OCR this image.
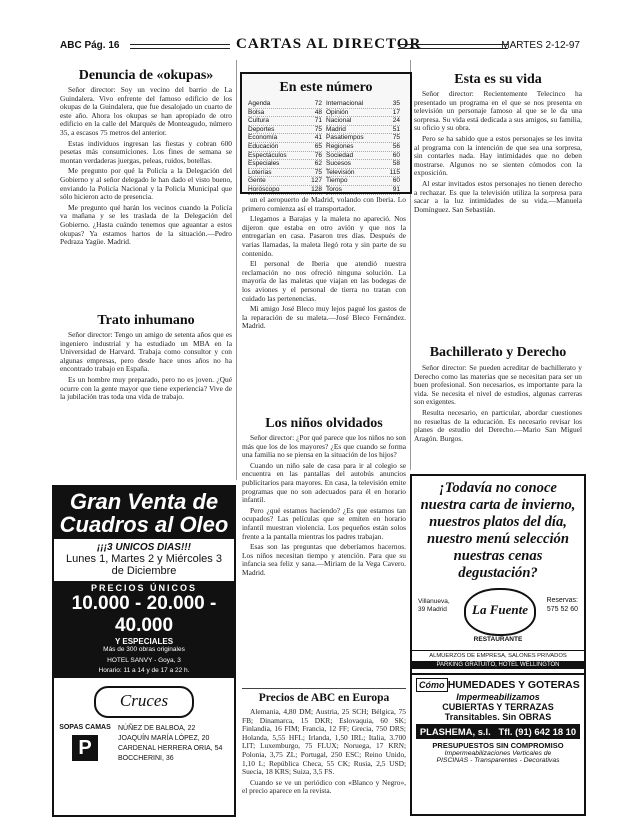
ABC Pág. 16	CARTAS AL DIRECTOR	MARTES 2-12-97
Denuncia de «okupas»

Señor director: Soy un vecino del barrio de La Guindalera. Vivo enfrente del famoso edificio de los okupas de la Guindalera, que fue desalojado un cuarto de este año. Ahora los okupas se han apropiado de otro edificio en la calle del Marqués de Monteagudo, número 35, a escasos 75 metros del anterior.

Estas individuos ingresan las fiestas y cobran 600 pesetas más consumiciones. Los fines de semana se montan verdaderas juergas, peleas, ruidos, botellas.

Me pregunto por qué la Policía a la Delegación del Gobierno y al señor delegado le han dado el visto bueno, enviando la Policía Nacional y la Policía Municipal que sólo hicieron acto de presencia.

Me pregunto qué harán los vecinos cuando la Policía va mañana y se les traslada de la Delegación del Gobierno. ¿Hasta cuándo tenemos que aguantar a estos okupas? Ya estamos hartos de la situación.—Pedro Pedraza Yagüe. Madrid.

Trato inhumano

Señor director: Tengo un amigo de setenta años que es ingeniero industrial y ha estudiado un MBA en la Universidad de Harvard. Trabaja como consultor y con algunas empresas, pero desde hace unos años no ha encontrado trabajo en España.

Es un hombre muy preparado, pero no es joven. ¿Qué ocurre con la gente mayor que tiene experiencia? Vive de la jubilación tras toda una vida de trabajo.

En este número
Agenda	72
Bolsa	48
Cultura	71
Deportes	75
Economía	41
Educación	65
Espectáculos	76
Especiales	62
Loterías	75
Gente	127
Horóscopo	128
Internacional	35
Opinión	17
Nacional	24
Madrid	51
Pasatiempos	75
Regiones	56
Sociedad	60
Sucesos	58
Televisión	115
Tiempo	60
Toros	91

un el aeropuerto de Madrid, volando con Iberia. Lo primero comienza así el transportador.

Llegamos a Barajas y la maleta no apareció. Nos dijeron que estaba en otro avión y que nos la entregarían en casa. Pasaron tres días. Después de varias llamadas, la maleta llegó rota y sin parte de su contenido.

El personal de Iberia que atendió nuestra reclamación no nos ofreció ninguna solución. La mayoría de las maletas que viajan en las bodegas de los aviones y el personal de tierra no tratan con cuidado las pertenencias.

Mi amigo José Bleco muy lejos pagué los gastos de la reparación de su maleta.—José Bleco Fernández. Madrid.

Los niños olvidados

Señor director: ¿Por qué parece que los niños no son más que los de los mayores? ¿Es que cuando se forma una familia no se piensa en la situación de los hijos?

Cuando un niño sale de casa para ir al colegio se encuentra en las pantallas del autobús anuncios publicitarios para mayores. En casa, la televisión emite programas que no son adecuados para él en horario infantil.

Pero ¿qué estamos haciendo? ¿Es que estamos tan ocupados? Las películas que se emiten en horario infantil muestran violencia. Los pequeños están solos frente a la pantalla mientras los padres trabajan.

Esas son las preguntas que deberíamos hacernos. Los niños necesitan tiempo y atención. Para que su infancia sea feliz y sana.—Miriam de la Vega Cavero. Madrid.

Precios de ABC en Europa

Alemania, 4,80 DM; Austria, 25 SCH; Bélgica, 75 FB; Dinamarca, 15 DKR; Eslovaquia, 60 SK; Finlandia, 16 FIM; Francia, 12 FF; Grecia, 750 DRS; Holanda, 5,55 HFL; Irlanda, 1,50 IRL; Italia, 3.700 LIT; Luxemburgo, 75 FLUX; Noruega, 17 KRN; Polonia, 3,75 ZL; Portugal, 250 ESC; Reino Unido, 1,10 L; República Checa, 55 CK; Rusia, 2,5 USD; Suecia, 18 KRS; Suiza, 3,5 FS.

Cuando se ve un periódico con «Blanco y Negro», el precio aparece en la revista.

Esta es su vida

Señor director: Recientemente Telecinco ha presentado un programa en el que se nos presenta en televisión un personaje famoso al que se le da una sorpresa. Su vida está dedicada a sus amigos, su familia, su oficio y su obra.

Pero se ha sabido que a estos personajes se les invita al programa con la intención de que sea una sorpresa, sin contarles nada. Hay intimidades que no deben mostrarse. Algunos no se sienten cómodos con la exposición.

Al estar invitados estos personajes no tienen derecho a rechazar. Es que la televisión utiliza la sorpresa para sacar a la luz intimidades de su vida.—Manuela Domínguez. San Sebastián.

Bachillerato y Derecho

Señor director: Se pueden acreditar de bachillerato y Derecho como las materias que se necesitan para ser un buen profesional. Son necesarios, es importante para la vida. Se necesita el nivel de estudios, algunas carreras son exigentes.

Resulta necesario, en particular, abordar cuestiones no resueltas de la educación. Es necesario revisar los planes de estudio del Derecho.—Mario San Miguel Aragón. Burgos.

Gran Venta de
Cuadros al Oleo
¡¡¡3 UNICOS DIAS!!!
Lunes 1, Martes 2 y Miércoles 3
de Diciembre
PRECIOS ÚNICOS
10.000 - 20.000 - 40.000
Y ESPECIALES
Más de 300 obras originales
HOTEL SANVY - Goya, 3
Horario: 11 a 14 y de 17 a 22 h.
Cruces
SOPAS CAMAS
P
NÚÑEZ DE BALBOA, 22
JOAQUÍN MARÍA LÓPEZ, 20
CARDENAL HERRERA ORIA, 54
BOCCHERINI, 36
¡Todavía no conoce
nuestra carta de invierno,
nuestros platos del día,
nuestro menú selección
nuestras cenas degustación?
Villanueva, 39 Madrid	La Fuente
RESTAURANTE
Reservas:
575 52 60
ALMUERZOS DE EMPRESA, SALONES PRIVADOS
PARKING GRATUITO, HOTEL WELLINGTON
Cómo HUMEDADES Y GOTERAS
Impermeabilizamos
CUBIERTAS Y TERRAZAS
Transitables. Sin OBRAS
PLASHEMA, s.l. Tfl. (91) 642 18 10
PRESUPUESTOS SIN COMPROMISO
Impermeabilizaciones Verticales de
PISCINAS - Transparentes - Decorativas
